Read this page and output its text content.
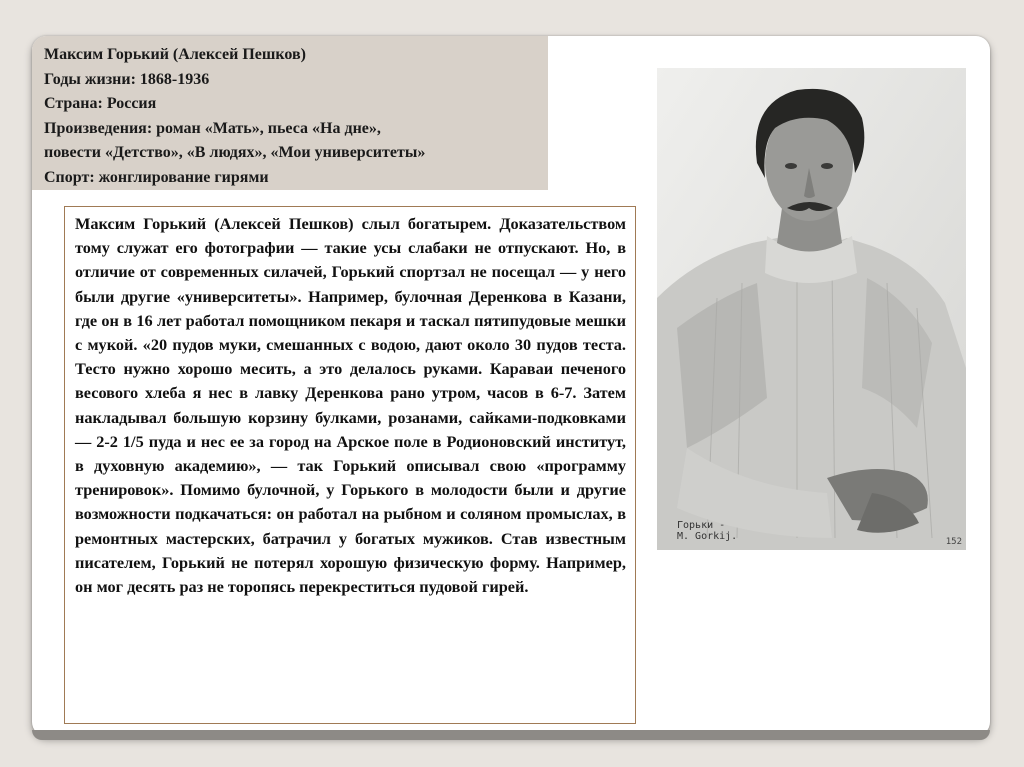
Максим Горький (Алексей Пешков)
Годы жизни: 1868-1936
Страна: Россия
Произведения: роман «Мать», пьеса «На дне»,
повести «Детство», «В людях», «Мои университеты»
Спорт: жонглирование гирями

Максим Горький (Алексей Пешков) слыл богатырем. Доказательством тому служат его фотографии — такие усы слабаки не отпускают. Но, в отличие от современных силачей, Горький спортзал не посещал — у него были другие «университеты». Например, булочная Деренкова в Казани, где он в 16 лет работал помощником пекаря и таскал пятипудовые мешки с мукой. «20 пудов муки, смешанных с водою, дают около 30 пудов теста. Тесто нужно хорошо месить, а это делалось руками. Караваи печеного весового хлеба я нес в лавку Деренкова рано утром, часов в 6-7. Затем накладывал большую корзину булками, розанами, сайками-подковками — 2-2 1/5 пуда и нес ее за город на Арское поле в Родионовский институт, в духовную академию», — так Горький описывал свою «программу тренировок». Помимо булочной, у Горького в молодости были и другие возможности подкачаться: он работал на рыбном и соляном промыслах, в ремонтных мастерских, батрачил у богатых мужиков. Став известным писателем, Горький не потерял хорошую физическую форму. Например, он мог десять раз не торопясь перекреститься пудовой гирей.

Горьки -
M. Gorkij.	152
